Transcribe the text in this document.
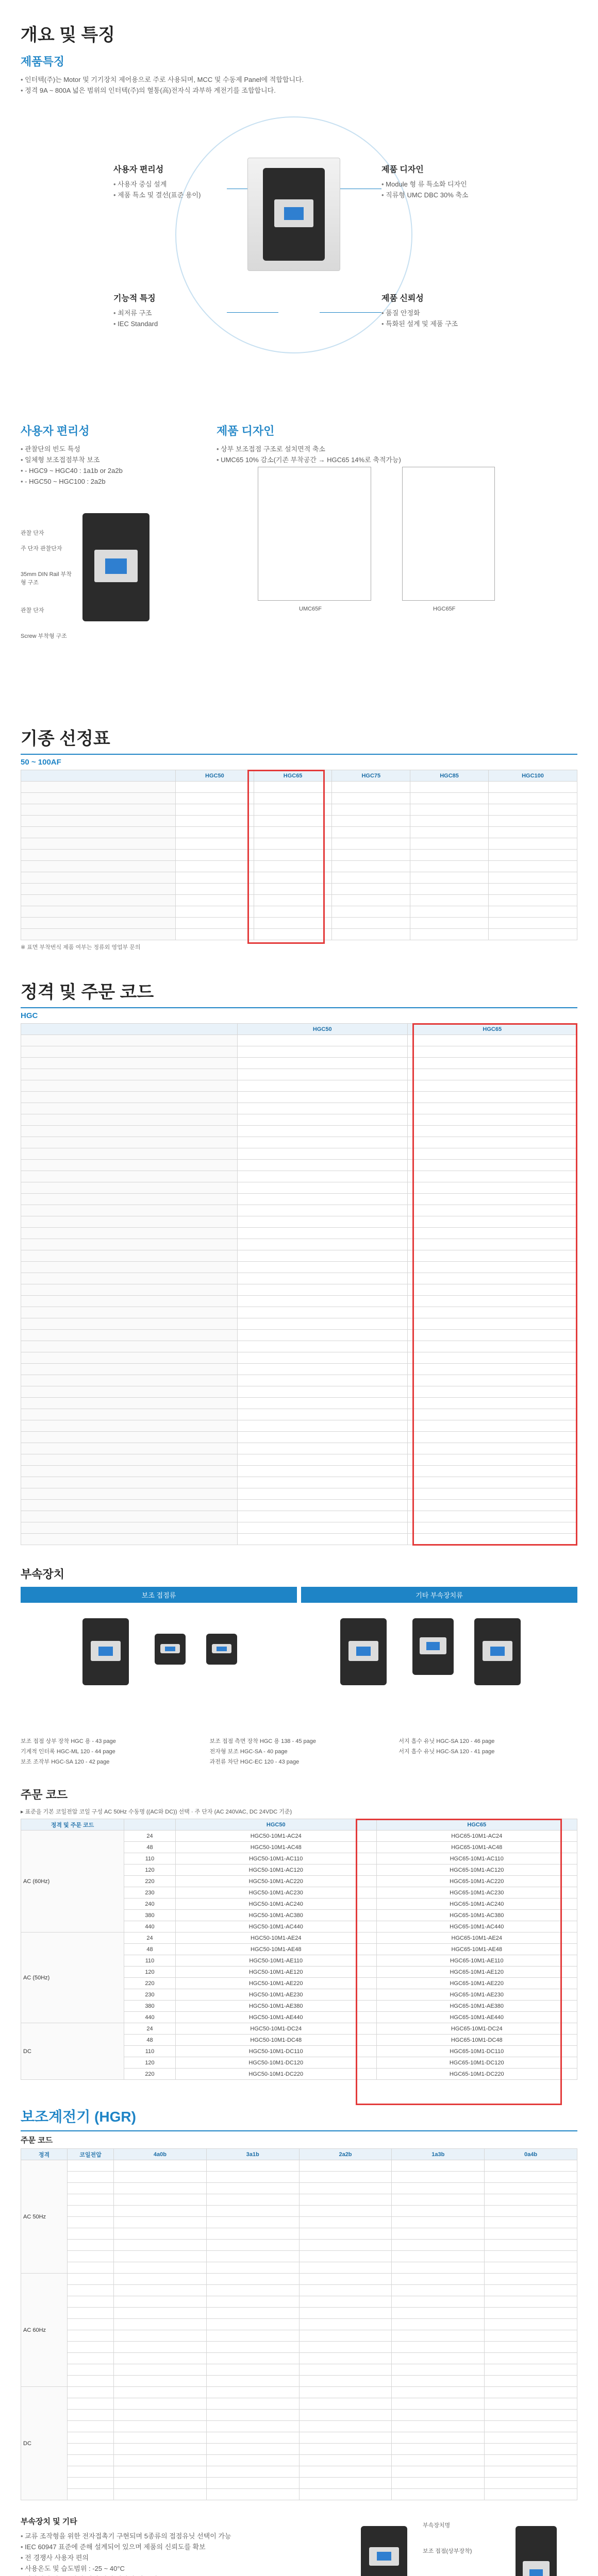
개요 및 특징
제품특징
• 인터텍(주)는 Motor 및 기기장치 제어용으로 주로 사용되며, MCC 및 수동제 Panel에 적합합니다.
• 정격 9A ~ 800A 넓은 범위의 인터텍(주)의 혈통(高)전자식 과부하 계전기를 조합합니다.
사용자 편리성
• 사용자 중심 설계
• 제품 특소 및 결선(표준 용이)
제품 디자인
• Module 형 류 특소화 디자인
• 직류형 UMC DBC 30% 축소
기능적 특징
• 최저류 구조
• IEC Standard
제품 신뢰성
• 품질 안정화
• 특화된 설계 및 제품 구조
사용자 편리성
• 관찰단의 빈도 특성
• 일체형 보조접점부착 보조
• - HGC9 ~ HGC40 : 1a1b or 2a2b
• - HGC50 ~ HGC100 : 2a2b
관찰 단자
주 단자 관찰단자
35mm DIN Rail 부착형 구조
관찰 단자
Screw 부착형 구조
제품 디자인
• 상부 보조접점 구조로 설치면적 축소
• UMC65 10% 감소(기존 부착공간 → HGC65 14%로 축적가능)
UMC65F	HGC65F
기종 선정표
50 ~ 100AF
	HGC50	HGC65	HGC75	HGC85	HGC100

※ 표면 부착번식 제품 여부는 정류외 영업부 문의
정격 및 주문 코드
HGC
	HGC50	HGC65

부속장치
보조 접점류	기타 부속장치류
보조 접점 상부 장착 HGC 용 - 43 page	보조 접점 측면 장착 HGC 용 138 - 45 page	서지 흡수 유닛 HGC-SA 120 - 46 page
기계적 인터록 HGC-ML 120 - 44 page	전자형 보조 HGC-SA - 40 page	서지 흡수 유닛 HGC-SA 120 - 41 page
보조 조작부 HGC-SA 120 - 42 page	과전류 차단 HGC-EC 120 - 43 page
주문 코드
▸ 표준을 기본 코일전압 코일 구성 AC 50Hz 수동명 ((AC와 DC)) 선택 · 주 단자 (AC 240VAC, DC 24VDC 기준)
정격 및 주문 코드		HGC50	HGC65
AC (60Hz)	24	HGC50-10M1-AC24	HGC65-10M1-AC24
	48	HGC50-10M1-AC48	HGC65-10M1-AC48
	110	HGC50-10M1-AC110	HGC65-10M1-AC110
	120	HGC50-10M1-AC120	HGC65-10M1-AC120
	220	HGC50-10M1-AC220	HGC65-10M1-AC220
	230	HGC50-10M1-AC230	HGC65-10M1-AC230
	240	HGC50-10M1-AC240	HGC65-10M1-AC240
	380	HGC50-10M1-AC380	HGC65-10M1-AC380
	440	HGC50-10M1-AC440	HGC65-10M1-AC440
AC (50Hz)	24	HGC50-10M1-AE24	HGC65-10M1-AE24
	48	HGC50-10M1-AE48	HGC65-10M1-AE48
	110	HGC50-10M1-AE110	HGC65-10M1-AE110
	120	HGC50-10M1-AE120	HGC65-10M1-AE120
	220	HGC50-10M1-AE220	HGC65-10M1-AE220
	230	HGC50-10M1-AE230	HGC65-10M1-AE230
	380	HGC50-10M1-AE380	HGC65-10M1-AE380
	440	HGC50-10M1-AE440	HGC65-10M1-AE440
DC	24	HGC50-10M1-DC24	HGC65-10M1-DC24
	48	HGC50-10M1-DC48	HGC65-10M1-DC48
	110	HGC50-10M1-DC110	HGC65-10M1-DC110
	120	HGC50-10M1-DC120	HGC65-10M1-DC120
	220	HGC50-10M1-DC220	HGC65-10M1-DC220
보조계전기 (HGR)
주문 코드
정격	코일전압	4a0b	3a1b	2a2b	1a3b	0a4b
AC 50Hz						

AC 60Hz						

DC						

부속장치 및 기타
• 교류 조작형을 위한 전자접촉기 구현되며 5종류의 접점유닛 선택이 가능
• IEC 60947 표준에 준해 설계되어 있으며 제품의 신뢰도를 확보
• 전 경쟁사 사용자 편의
• 사용온도 및 습도범위 : -25 ~ 40°C
•
부속장치명
보조 접점(상부장착)
